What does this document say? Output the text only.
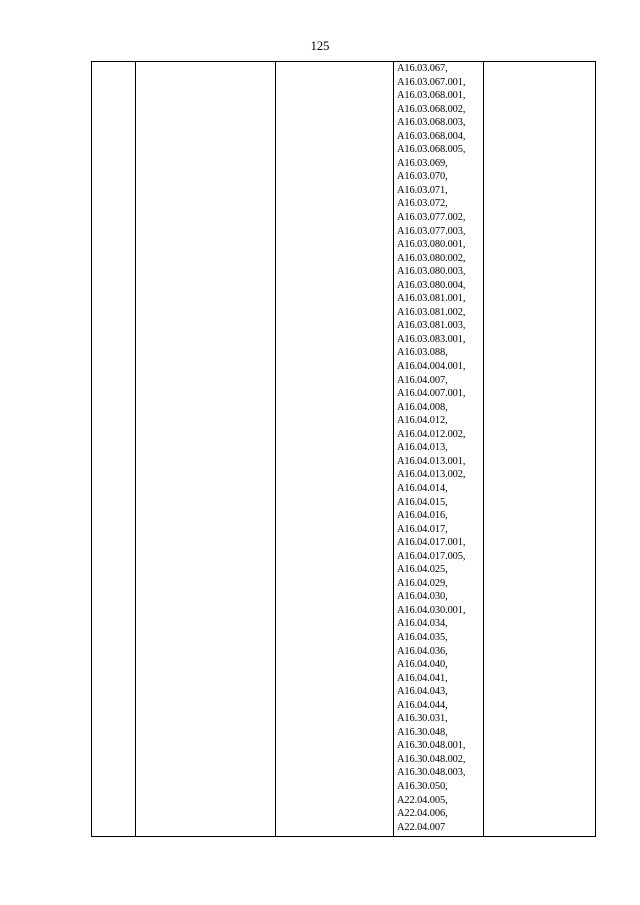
125
A16.03.067,
A16.03.067.001,
A16.03.068.001,
A16.03.068.002,
A16.03.068.003,
A16.03.068.004,
A16.03.068.005,
A16.03.069,
A16.03.070,
A16.03.071,
A16.03.072,
A16.03.077.002,
A16.03.077.003,
A16.03.080.001,
A16.03.080.002,
A16.03.080.003,
A16.03.080.004,
A16.03.081.001,
A16.03.081.002,
A16.03.081.003,
A16.03.083.001,
A16.03.088,
A16.04.004.001,
A16.04.007,
A16.04.007.001,
A16.04.008,
A16.04.012,
A16.04.012.002,
A16.04.013,
A16.04.013.001,
A16.04.013.002,
A16.04.014,
A16.04.015,
A16.04.016,
A16.04.017,
A16.04.017.001,
A16.04.017.005,
A16.04.025,
A16.04.029,
A16.04.030,
A16.04.030.001,
A16.04.034,
A16.04.035,
A16.04.036,
A16.04.040,
A16.04.041,
A16.04.043,
A16.04.044,
A16.30.031,
A16.30.048,
A16.30.048.001,
A16.30.048.002,
A16.30.048.003,
A16.30.050,
A22.04.005,
A22.04.006,
A22.04.007
